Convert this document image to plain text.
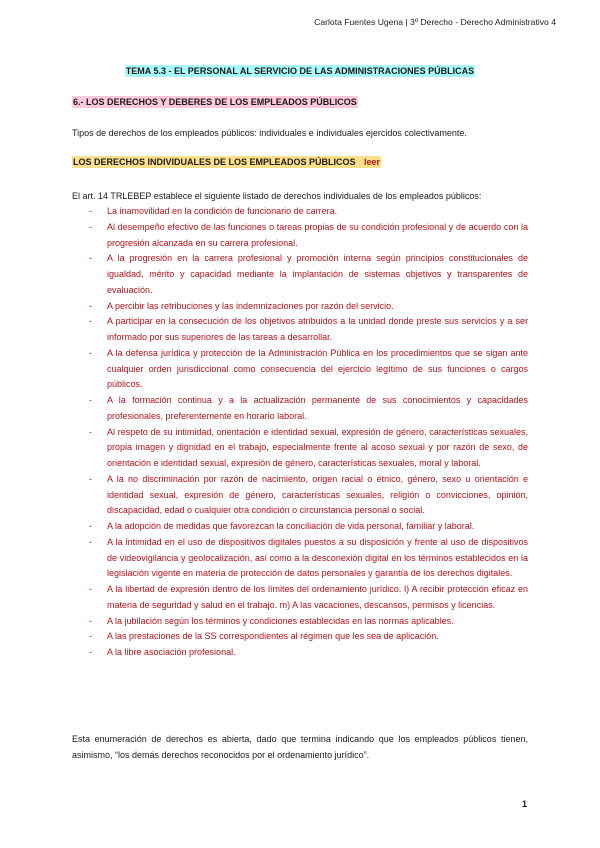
Carlota Fuentes Ugena | 3º Derecho - Derecho Administrativo 4
TEMA 5.3 - EL PERSONAL AL SERVICIO DE LAS ADMINISTRACIONES PÚBLICAS
6.- LOS DERECHOS Y DEBERES DE LOS EMPLEADOS PÚBLICOS
Tipos de derechos de los empleados públicos: individuales e individuales ejercidos colectivamente.
LOS DERECHOS INDIVIDUALES DE LOS EMPLEADOS PÚBLICOS leer
El art. 14 TRLEBEP establece el siguiente listado de derechos individuales de los empleados públicos:
- La inamovilidad en la condición de funcionario de carrera.
- Al desempeño efectivo de las funciones o tareas propias de su condición profesional y de acuerdo con la progresión alcanzada en su carrera profesional.
- A la progresión en la carrera profesional y promoción interna según principios constitucionales de igualdad, mérito y capacidad mediante la implantación de sistemas objetivos y transparentes de evaluación.
- A percibir las retribuciones y las indemnizaciones por razón del servicio.
- A participar en la consecución de los objetivos atribuidos a la unidad donde preste sus servicios y a ser informado por sus superiores de las tareas a desarrollar.
- A la defensa jurídica y protección de la Administración Pública en los procedimientos que se sigan ante cualquier orden jurisdiccional como consecuencia del ejercicio legítimo de sus funciones o cargos públicos.
- A la formación continua y a la actualización permanente de sus conocimientos y capacidades profesionales, preferentemente en horario laboral.
- Al respeto de su intimidad, orientación e identidad sexual, expresión de género, características sexuales, propia imagen y dignidad en el trabajo, especialmente frente al acoso sexual y por razón de sexo, de orientación e identidad sexual, expresión de género, características sexuales, moral y laboral.
- A la no discriminación por razón de nacimiento, origen racial o étnico, género, sexo u orientación e identidad sexual, expresión de género, características sexuales, religión o convicciones, opinión, discapacidad, edad o cualquier otra condición o circunstancia personal o social.
- A la adopción de medidas que favorezcan la conciliación de vida personal, familiar y laboral.
- A la intimidad en el uso de dispositivos digitales puestos a su disposición y frente al uso de dispositivos de videovigilancia y geolocalización, así como a la desconexión digital en los términos establecidos en la legislación vigente en materia de protección de datos personales y garantía de los derechos digitales.
- A la libertad de expresión dentro de los límites del ordenamiento jurídico. l) A recibir protección eficaz en materia de seguridad y salud en el trabajo. m) A las vacaciones, descansos, permisos y licencias.
- A la jubilación según los términos y condiciones establecidas en las normas aplicables.
- A las prestaciones de la SS correspondientes al régimen que les sea de aplicación.
- A la libre asociación profesional.
Esta enumeración de derechos es abierta, dado que termina indicando que los empleados públicos tienen, asimismo, “los demás derechos reconocidos por el ordenamiento jurídico”.
1
